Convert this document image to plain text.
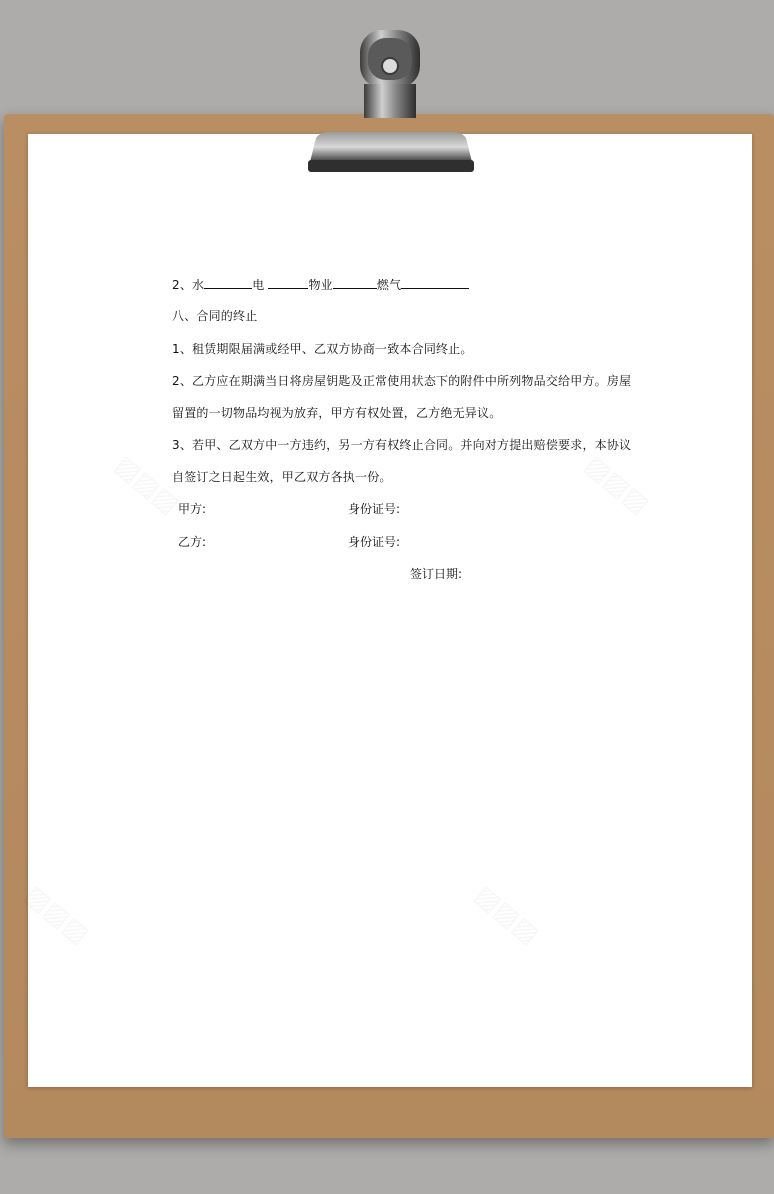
2、水	电	物业	燃气
八、合同的终止
1、租赁期限届满或经甲、乙双方协商一致本合同终止。
2、乙方应在期满当日将房屋钥匙及正常使用状态下的附件中所列物品交给甲方。房屋
留置的一切物品均视为放弃，甲方有权处置，乙方绝无异议。
3、若甲、乙双方中一方违约，另一方有权终止合同。并向对方提出赔偿要求，本协议
自签订之日起生效，甲乙双方各执一份。
甲方:	身份证号:
乙方:	身份证号:
签订日期:
